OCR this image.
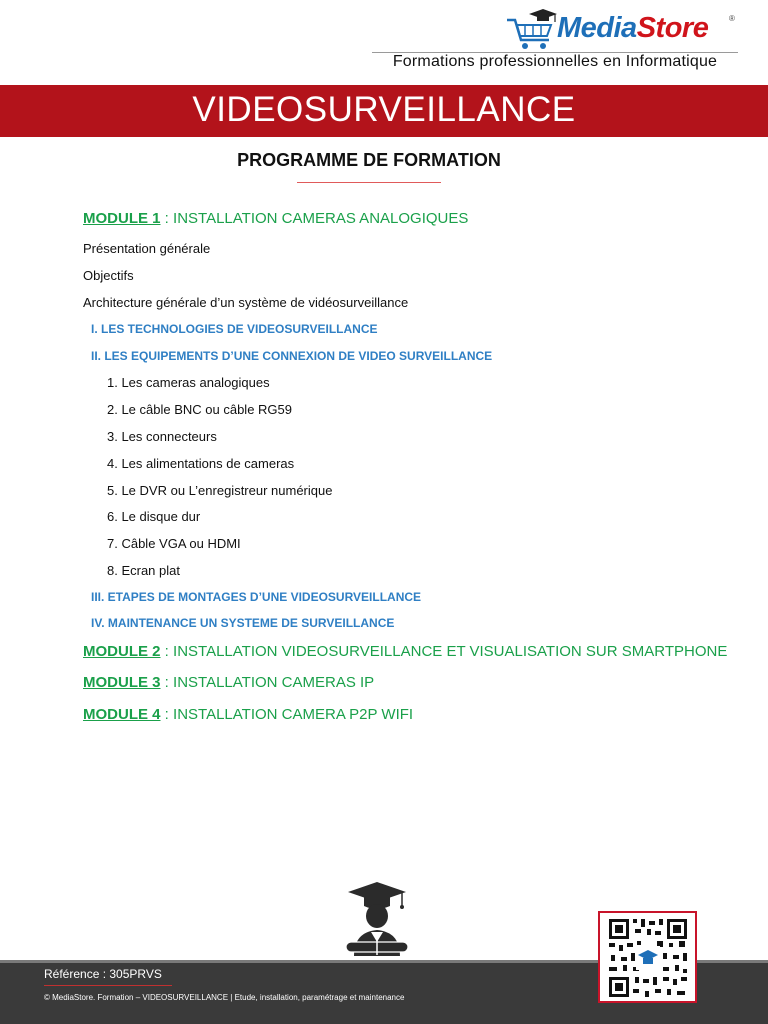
MediaStore	®
Formations professionnelles en Informatique
VIDEOSURVEILLANCE
PROGRAMME DE FORMATION
MODULE 1 : INSTALLATION CAMERAS ANALOGIQUES
Présentation générale
Objectifs
Architecture générale d’un système de vidéosurveillance
I. LES TECHNOLOGIES DE VIDEOSURVEILLANCE
II. LES EQUIPEMENTS D’UNE CONNEXION DE VIDEO SURVEILLANCE
1. Les cameras analogiques
2. Le câble BNC ou câble RG59
3. Les connecteurs
4. Les alimentations de cameras
5. Le DVR ou L’enregistreur numérique
6. Le disque dur
7. Câble VGA ou HDMI
8. Ecran plat
III. ETAPES DE MONTAGES D’UNE VIDEOSURVEILLANCE
IV. MAINTENANCE UN SYSTEME DE SURVEILLANCE
MODULE 2 : INSTALLATION VIDEOSURVEILLANCE ET VISUALISATION SUR SMARTPHONE
MODULE 3 : INSTALLATION CAMERAS IP
MODULE 4 : INSTALLATION CAMERA P2P WIFI
Référence : 305PRVS
© MediaStore. Formation – VIDEOSURVEILLANCE | Etude, installation, paramétrage et maintenance
